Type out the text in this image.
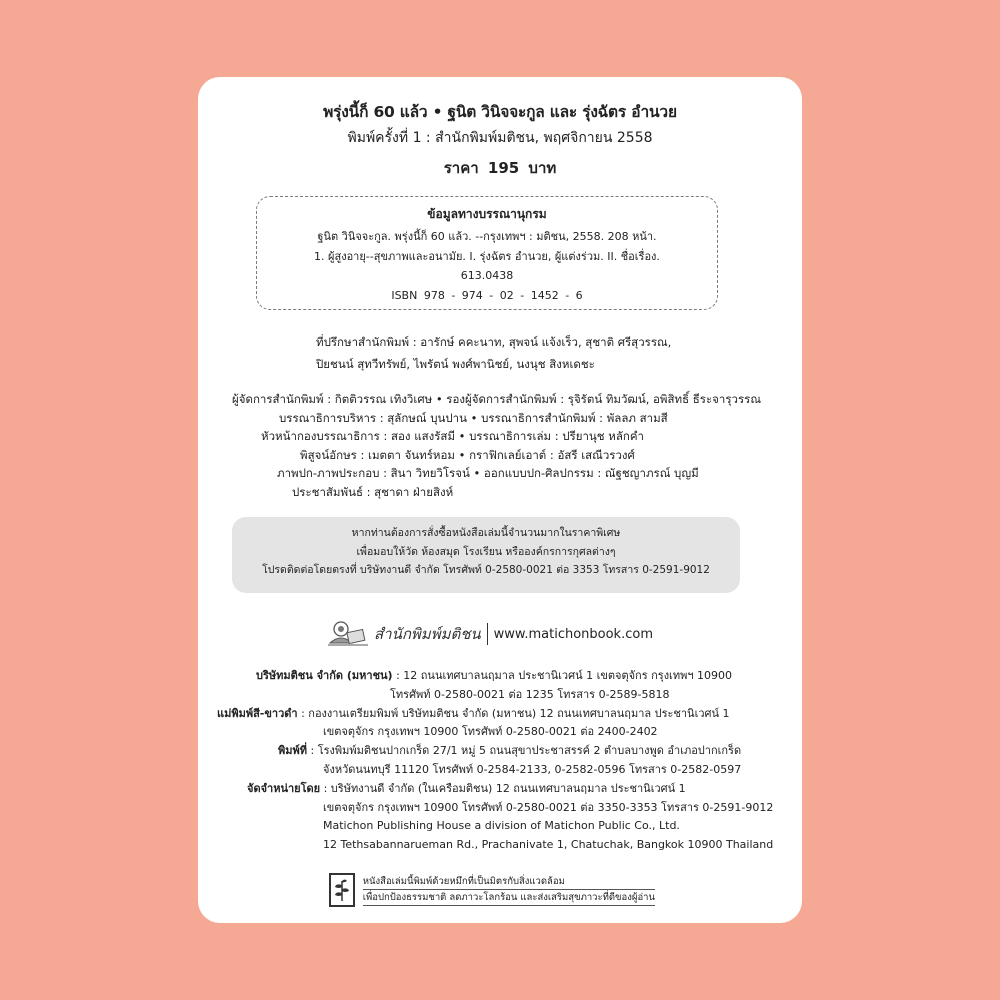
พรุ่งนี้ก็ 60 แล้ว • ฐนิต วินิจจะกูล และ รุ่งฉัตร อำนวย
พิมพ์ครั้งที่ 1 : สำนักพิมพ์มติชน, พฤศจิกายน 2558
ราคา 195 บาท
ข้อมูลทางบรรณานุกรม
ฐนิต วินิจจะกูล. พรุ่งนี้ก็ 60 แล้ว. --กรุงเทพฯ : มติชน, 2558. 208 หน้า.
1. ผู้สูงอายุ--สุขภาพและอนามัย. I. รุ่งฉัตร อำนวย, ผู้แต่งร่วม. II. ชื่อเรื่อง.
613.0438
ISBN 978 - 974 - 02 - 1452 - 6
ที่ปรึกษาสำนักพิมพ์ : อารักษ์ คคะนาท, สุพจน์ แจ้งเร็ว, สุชาติ ศรีสุวรรณ,
ปิยชนน์ สุทวีทรัพย์, ไพรัตน์ พงศ์พานิชย์, นงนุช สิงหเดชะ
ผู้จัดการสำนักพิมพ์ : กิตติวรรณ เทิงวิเศษ • รองผู้จัดการสำนักพิมพ์ : รุจิรัตน์ ทิมวัฒน์, อพิสิทธิ์ ธีระจารุวรรณ
บรรณาธิการบริหาร : สุลักษณ์ บุนปาน • บรรณาธิการสำนักพิมพ์ : พัลลภ สามสี
หัวหน้ากองบรรณาธิการ : สอง แสงรัสมี • บรรณาธิการเล่ม : ปรียานุช หลักคำ
พิสูจน์อักษร : เมตตา จันทร์หอม • กราฟิกเลย์เอาต์ : อัสรี เสณีวรวงศ์
ภาพปก-ภาพประกอบ : สินา วิทยวิโรจน์ • ออกแบบปก-ศิลปกรรม : ณัฐชญาภรณ์ บุญมี
ประชาสัมพันธ์ : สุชาดา ฝ่ายสิงห์
หากท่านต้องการสั่งซื้อหนังสือเล่มนี้จำนวนมากในราคาพิเศษ
เพื่อมอบให้วัด ห้องสมุด โรงเรียน หรือองค์กรการกุศลต่างๆ
โปรดติดต่อโดยตรงที่ บริษัทงานดี จำกัด โทรศัพท์ 0-2580-0021 ต่อ 3353 โทรสาร 0-2591-9012
สำนักพิมพ์มติชน www.matichonbook.com
บริษัทมติชน จำกัด (มหาชน) : 12 ถนนเทศบาลนฤมาล ประชานิเวศน์ 1 เขตจตุจักร กรุงเทพฯ 10900
โทรศัพท์ 0-2580-0021 ต่อ 1235 โทรสาร 0-2589-5818
แม่พิมพ์สี-ขาวดำ : กองงานเตรียมพิมพ์ บริษัทมติชน จำกัด (มหาชน) 12 ถนนเทศบาลนฤมาล ประชานิเวศน์ 1
เขตจตุจักร กรุงเทพฯ 10900 โทรศัพท์ 0-2580-0021 ต่อ 2400-2402
พิมพ์ที่ : โรงพิมพ์มติชนปากเกร็ด 27/1 หมู่ 5 ถนนสุขาประชาสรรค์ 2 ตำบลบางพูด อำเภอปากเกร็ด
จังหวัดนนทบุรี 11120 โทรศัพท์ 0-2584-2133, 0-2582-0596 โทรสาร 0-2582-0597
จัดจำหน่ายโดย : บริษัทงานดี จำกัด (ในเครือมติชน) 12 ถนนเทศบาลนฤมาล ประชานิเวศน์ 1
เขตจตุจักร กรุงเทพฯ 10900 โทรศัพท์ 0-2580-0021 ต่อ 3350-3353 โทรสาร 0-2591-9012
Matichon Publishing House a division of Matichon Public Co., Ltd.
12 Tethsabannarueman Rd., Prachanivate 1, Chatuchak, Bangkok 10900 Thailand
หนังสือเล่มนี้พิมพ์ด้วยหมึกที่เป็นมิตรกับสิ่งแวดล้อม
เพื่อปกป้องธรรมชาติ ลดภาวะโลกร้อน และส่งเสริมสุขภาวะที่ดีของผู้อ่าน
